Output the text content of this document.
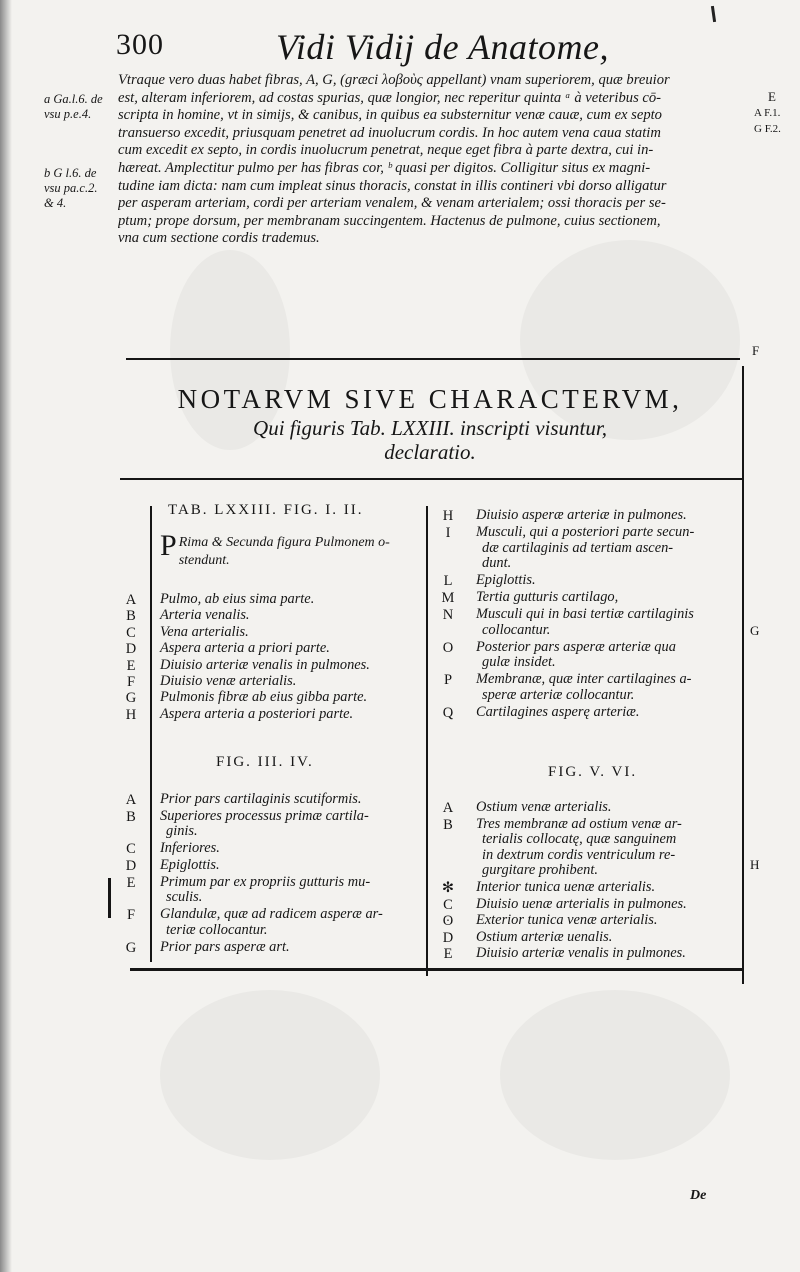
300	Vidi Vidij de Anatome,
a Ga.l.6. de
vsu p.e.4.
b G l.6. de
vsu pa.c.2.
& 4.
E
A F.1.
G F.2.
F
G
H
Vtraque vero duas habet fibras, A, G, (græci λοβοὺς appellant) vnam superiorem, quæ breuior
est, alteram inferiorem, ad costas spurias, quæ longior, nec reperitur quinta ᵃ à veteribus cō-
scripta in homine, vt in simijs, & canibus, in quibus ea substernitur venæ cauæ, cum ex septo
transuerso excedit, priusquam penetret ad inuolucrum cordis. In hoc autem vena caua statim
cum excedit ex septo, in cordis inuolucrum penetrat, neque eget fibra à parte dextra, cui in-
hæreat. Amplectitur pulmo per has fibras cor, ᵇ quasi per digitos. Colligitur situs ex magni-
tudine iam dicta: nam cum impleat sinus thoracis, constat in illis contineri vbi dorso alligatur
per asperam arteriam, cordi per arteriam venalem, & venam arterialem; ossi thoracis per se-
ptum; prope dorsum, per membranam succingentem. Hactenus de pulmone, cuius sectionem,
vna cum sectione cordis trademus.
NOTARVM SIVE CHARACTERVM,
Qui figuris Tab. LXXIII. inscripti visuntur,
declaratio.
TAB. LXXIII. FIG. I. II.
P Rima & Secunda figura Pulmonem o-stendunt.
A	Pulmo, ab eius sima parte.
B	Arteria venalis.
C	Vena arterialis.
D	Aspera arteria a priori parte.
E	Diuisio arteriæ venalis in pulmones.
F	Diuisio venæ arterialis.
G	Pulmonis fibræ ab eius gibba parte.
H	Aspera arteria a posteriori parte.
FIG. III. IV.
A	Prior pars cartilaginis scutiformis.
B	Superiores processus primæ cartila-
ginis.
C	Inferiores.
D	Epiglottis.
E	Primum par ex propriis gutturis mu-
sculis.
F	Glandulæ, quæ ad radicem asperæ ar-
teriæ collocantur.
G	Prior pars asperæ art.
H	Diuisio asperæ arteriæ in pulmones.
I	Musculi, qui a posteriori parte secun-
dæ cartilaginis ad tertiam ascen-
dunt.
L	Epiglottis.
M	Tertia gutturis cartilago,
N	Musculi qui in basi tertiæ cartilaginis
collocantur.
O	Posterior pars asperæ arteriæ qua
gulæ insidet.
P	Membranæ, quæ inter cartilagines a-
speræ arteriæ collocantur.
Q	Cartilagines asperę arteriæ.
FIG. V. VI.
A	Ostium venæ arterialis.
B	Tres membranæ ad ostium venæ ar-
terialis collocatę, quæ sanguinem
in dextrum cordis ventriculum re-
gurgitare prohibent.
✻	Interior tunica uenæ arterialis.
C	Diuisio uenæ arterialis in pulmones.
ʘ	Exterior tunica venæ arterialis.
D	Ostium arteriæ uenalis.
E	Diuisio arteriæ venalis in pulmones.
De
